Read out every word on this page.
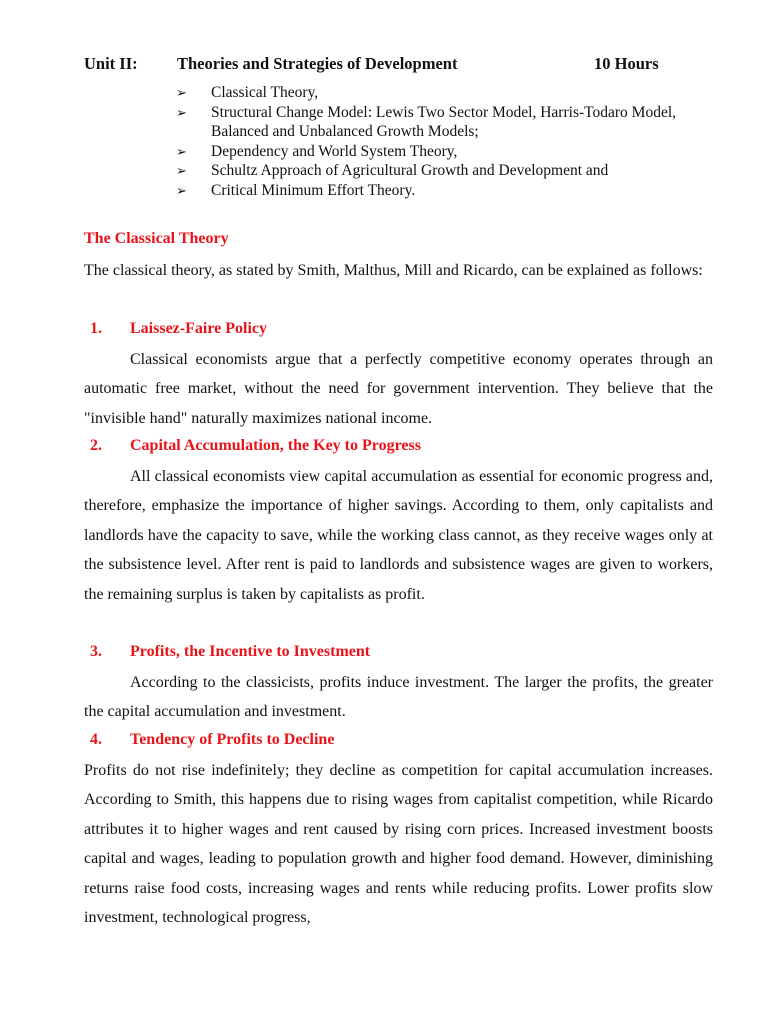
Unit II: Theories and Strategies of Development	10 Hours
➢ Classical Theory,
➢ Structural Change Model: Lewis Two Sector Model, Harris-Todaro Model, Balanced and Unbalanced Growth Models;
➢ Dependency and World System Theory,
➢ Schultz Approach of Agricultural Growth and Development and
➢ Critical Minimum Effort Theory.
The Classical Theory

The classical theory, as stated by Smith, Malthus, Mill and Ricardo, can be explained as follows:

1. Laissez-Faire Policy

Classical economists argue that a perfectly competitive economy operates through an automatic free market, without the need for government intervention. They believe that the "invisible hand" naturally maximizes national income.

2. Capital Accumulation, the Key to Progress

All classical economists view capital accumulation as essential for economic progress and, therefore, emphasize the importance of higher savings. According to them, only capitalists and landlords have the capacity to save, while the working class cannot, as they receive wages only at the subsistence level. After rent is paid to landlords and subsistence wages are given to workers, the remaining surplus is taken by capitalists as profit.

3. Profits, the Incentive to Investment

According to the classicists, profits induce investment. The larger the profits, the greater the capital accumulation and investment.

4. Tendency of Profits to Decline

Profits do not rise indefinitely; they decline as competition for capital accumulation increases. According to Smith, this happens due to rising wages from capitalist competition, while Ricardo attributes it to higher wages and rent caused by rising corn prices. Increased investment boosts capital and wages, leading to population growth and higher food demand. However, diminishing returns raise food costs, increasing wages and rents while reducing profits. Lower profits slow investment, technological progress,
